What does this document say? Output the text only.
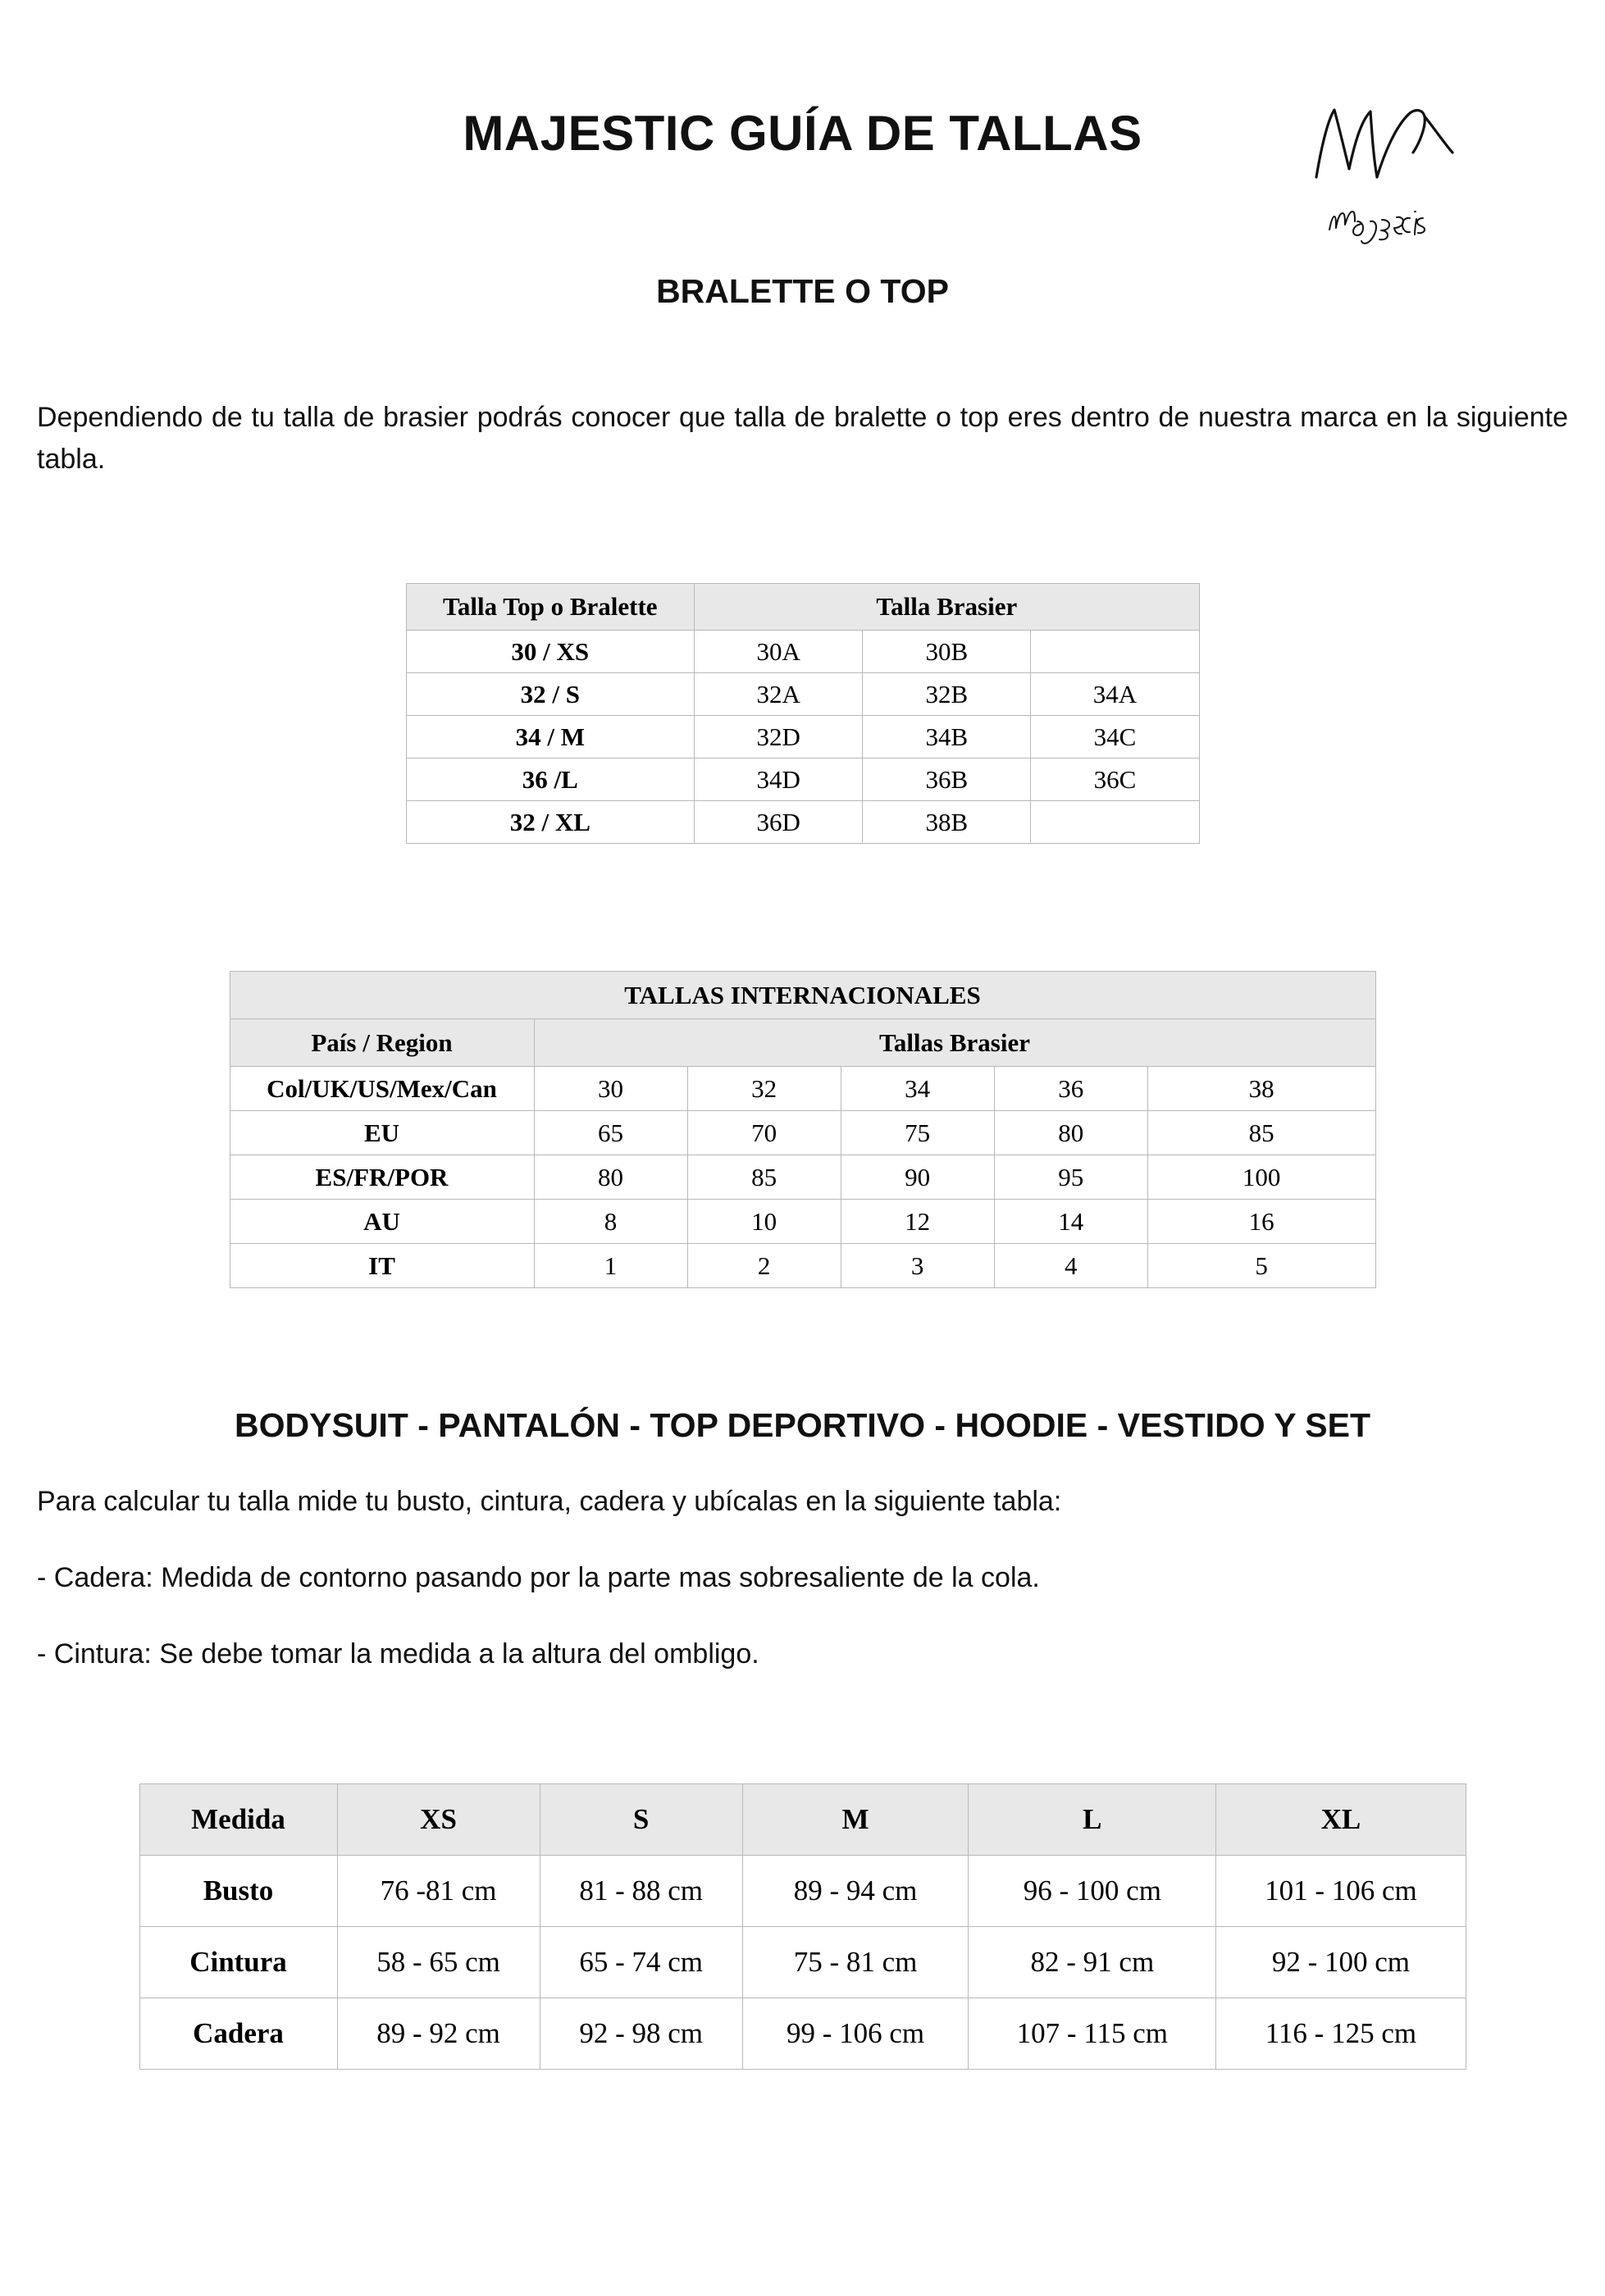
MAJESTIC GUÍA DE TALLAS
BRALETTE O TOP

Dependiendo de tu talla de brasier podrás conocer que talla de bralette o top eres dentro de nuestra marca en la siguiente tabla.

Talla Top o Bralette	Talla Brasier		
30 / XS	30A	30B	
32 / S	32A	32B	34A
34 / M	32D	34B	34C
36 /L	34D	36B	36C
32 / XL	36D	38B	
TALLAS INTERNACIONALES					
País / Region	Tallas Brasier				
Col/UK/US/Mex/Can	30	32	34	36	38
EU	65	70	75	80	85
ES/FR/POR	80	85	90	95	100
AU	8	10	12	14	16
IT	1	2	3	4	5
BODYSUIT - PANTALÓN - TOP DEPORTIVO - HOODIE - VESTIDO Y SET

Para calcular tu talla mide tu busto, cintura, cadera y ubícalas en la siguiente tabla:

- Cadera: Medida de contorno pasando por la parte mas sobresaliente de la cola.

- Cintura: Se debe tomar la medida a la altura del ombligo.

Medida	XS	S	M	L	XL
Busto	76 -81 cm	81 - 88 cm	89 - 94 cm	96 - 100 cm	101 - 106 cm
Cintura	58 - 65 cm	65 - 74 cm	75 - 81 cm	82 - 91 cm	92 - 100 cm
Cadera	89 - 92 cm	92 - 98 cm	99 - 106 cm	107 - 115 cm	116 - 125 cm
